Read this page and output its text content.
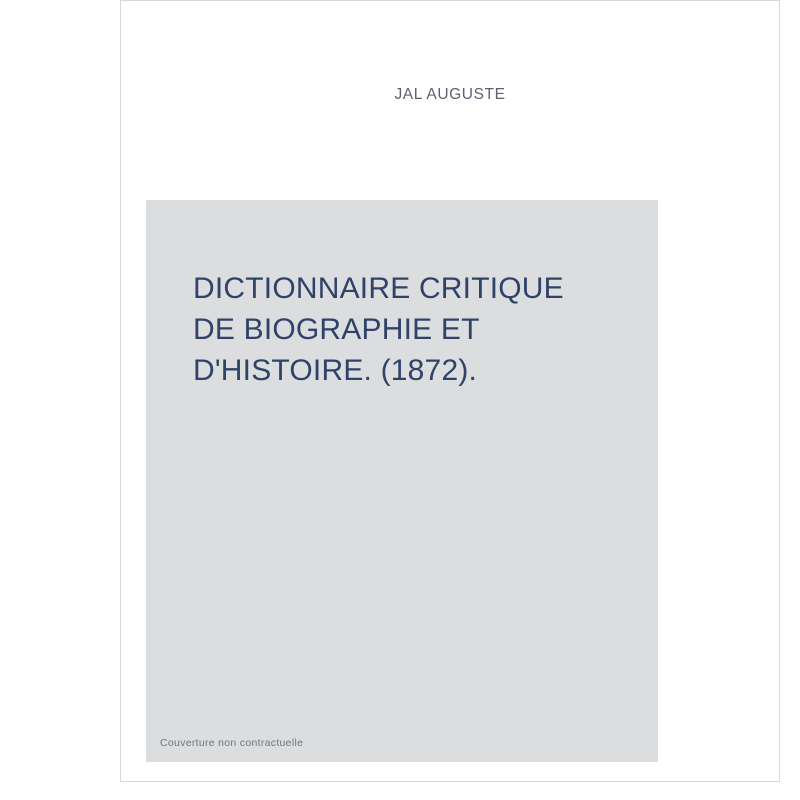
JAL AUGUSTE
DICTIONNAIRE CRITIQUE
DE BIOGRAPHIE ET
D'HISTOIRE. (1872).
Couverture non contractuelle
